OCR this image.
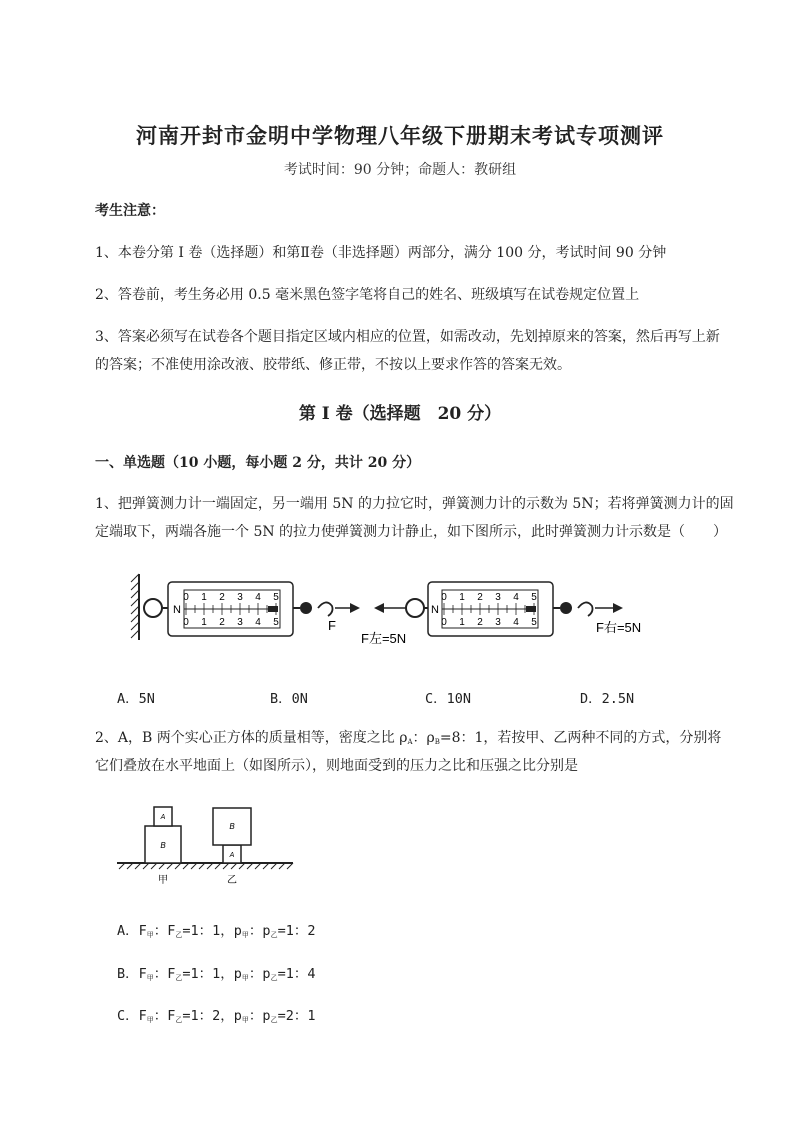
河南开封市金明中学物理八年级下册期末考试专项测评
考试时间：90 分钟；命题人：教研组
考生注意：
1、本卷分第 I 卷（选择题）和第Ⅱ卷（非选择题）两部分，满分 100 分，考试时间 90 分钟
2、答卷前，考生务必用 0.5 毫米黑色签字笔将自己的姓名、班级填写在试卷规定位置上
3、答案必须写在试卷各个题目指定区域内相应的位置，如需改动，先划掉原来的答案，然后再写上新
的答案；不准使用涂改液、胶带纸、修正带，不按以上要求作答的答案无效。
第 I 卷（选择题　20 分）
一、单选题（10 小题，每小题 2 分，共计 20 分）
1、把弹簧测力计一端固定，另一端用 5N 的力拉它时，弹簧测力计的示数为 5N；若将弹簧测力计的固
定端取下，两端各施一个 5N 的拉力使弹簧测力计静止，如下图所示，此时弹簧测力计示数是（　　）
0 1 2 3 4 5
0 1 2 3 4 5
N
F
F左=5N
0 1 2 3 4 5
0 1 2 3 4 5
N
F右=5N
A．5N	B．0N	C．10N	D．2.5N
2、A，B 两个实心正方体的质量相等，密度之比 $\rho_A$：$\rho_B=8$：1，若按甲、乙两种不同的方式，分别将
它们叠放在水平地面上（如图所示），则地面受到的压力之比和压强之比分别是
B
A
甲
A
B
乙
A．$F_甲$：$F_乙=1$：1，$p_甲$：$p_乙=1$：2
B．$F_甲$：$F_乙=1$：1，$p_甲$：$p_乙=1$：4
C．$F_甲$：$F_乙=1$：2，$p_甲$：$p_乙=2$：1
